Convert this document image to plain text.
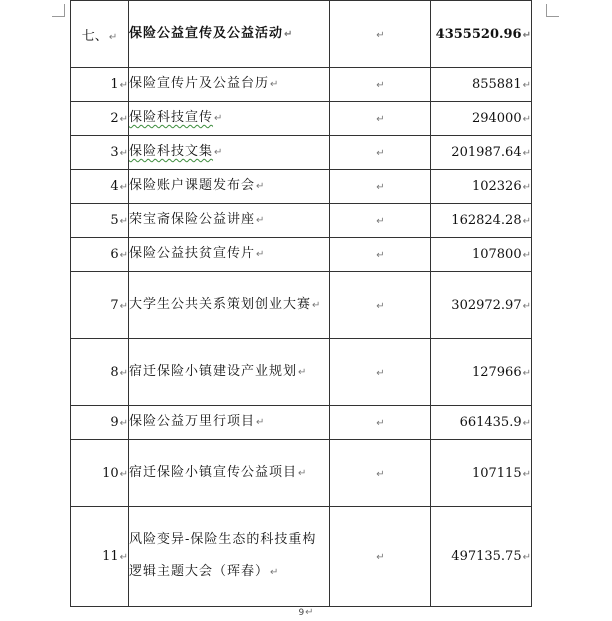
七、↵	保险公益宣传及公益活动↵	↵	4355520.96↵
1↵	保险宣传片及公益台历↵	↵	855881↵
2↵	保险科技宣传↵	↵	294000↵
3↵	保险科技文集↵	↵	201987.64↵
4↵	保险账户课题发布会↵	↵	102326↵
5↵	荣宝斋保险公益讲座↵	↵	162824.28↵
6↵	保险公益扶贫宣传片↵	↵	107800↵
7↵	大学生公共关系策划创业大赛↵	↵	302972.97↵
8↵	宿迁保险小镇建设产业规划↵	↵	127966↵
9↵	保险公益万里行项目↵	↵	661435.9↵
10↵	宿迁保险小镇宣传公益项目↵	↵	107115↵
11↵	风险变异-保险生态的科技重构逻辑主题大会（珲春）↵	↵	497135.75↵
9↵
